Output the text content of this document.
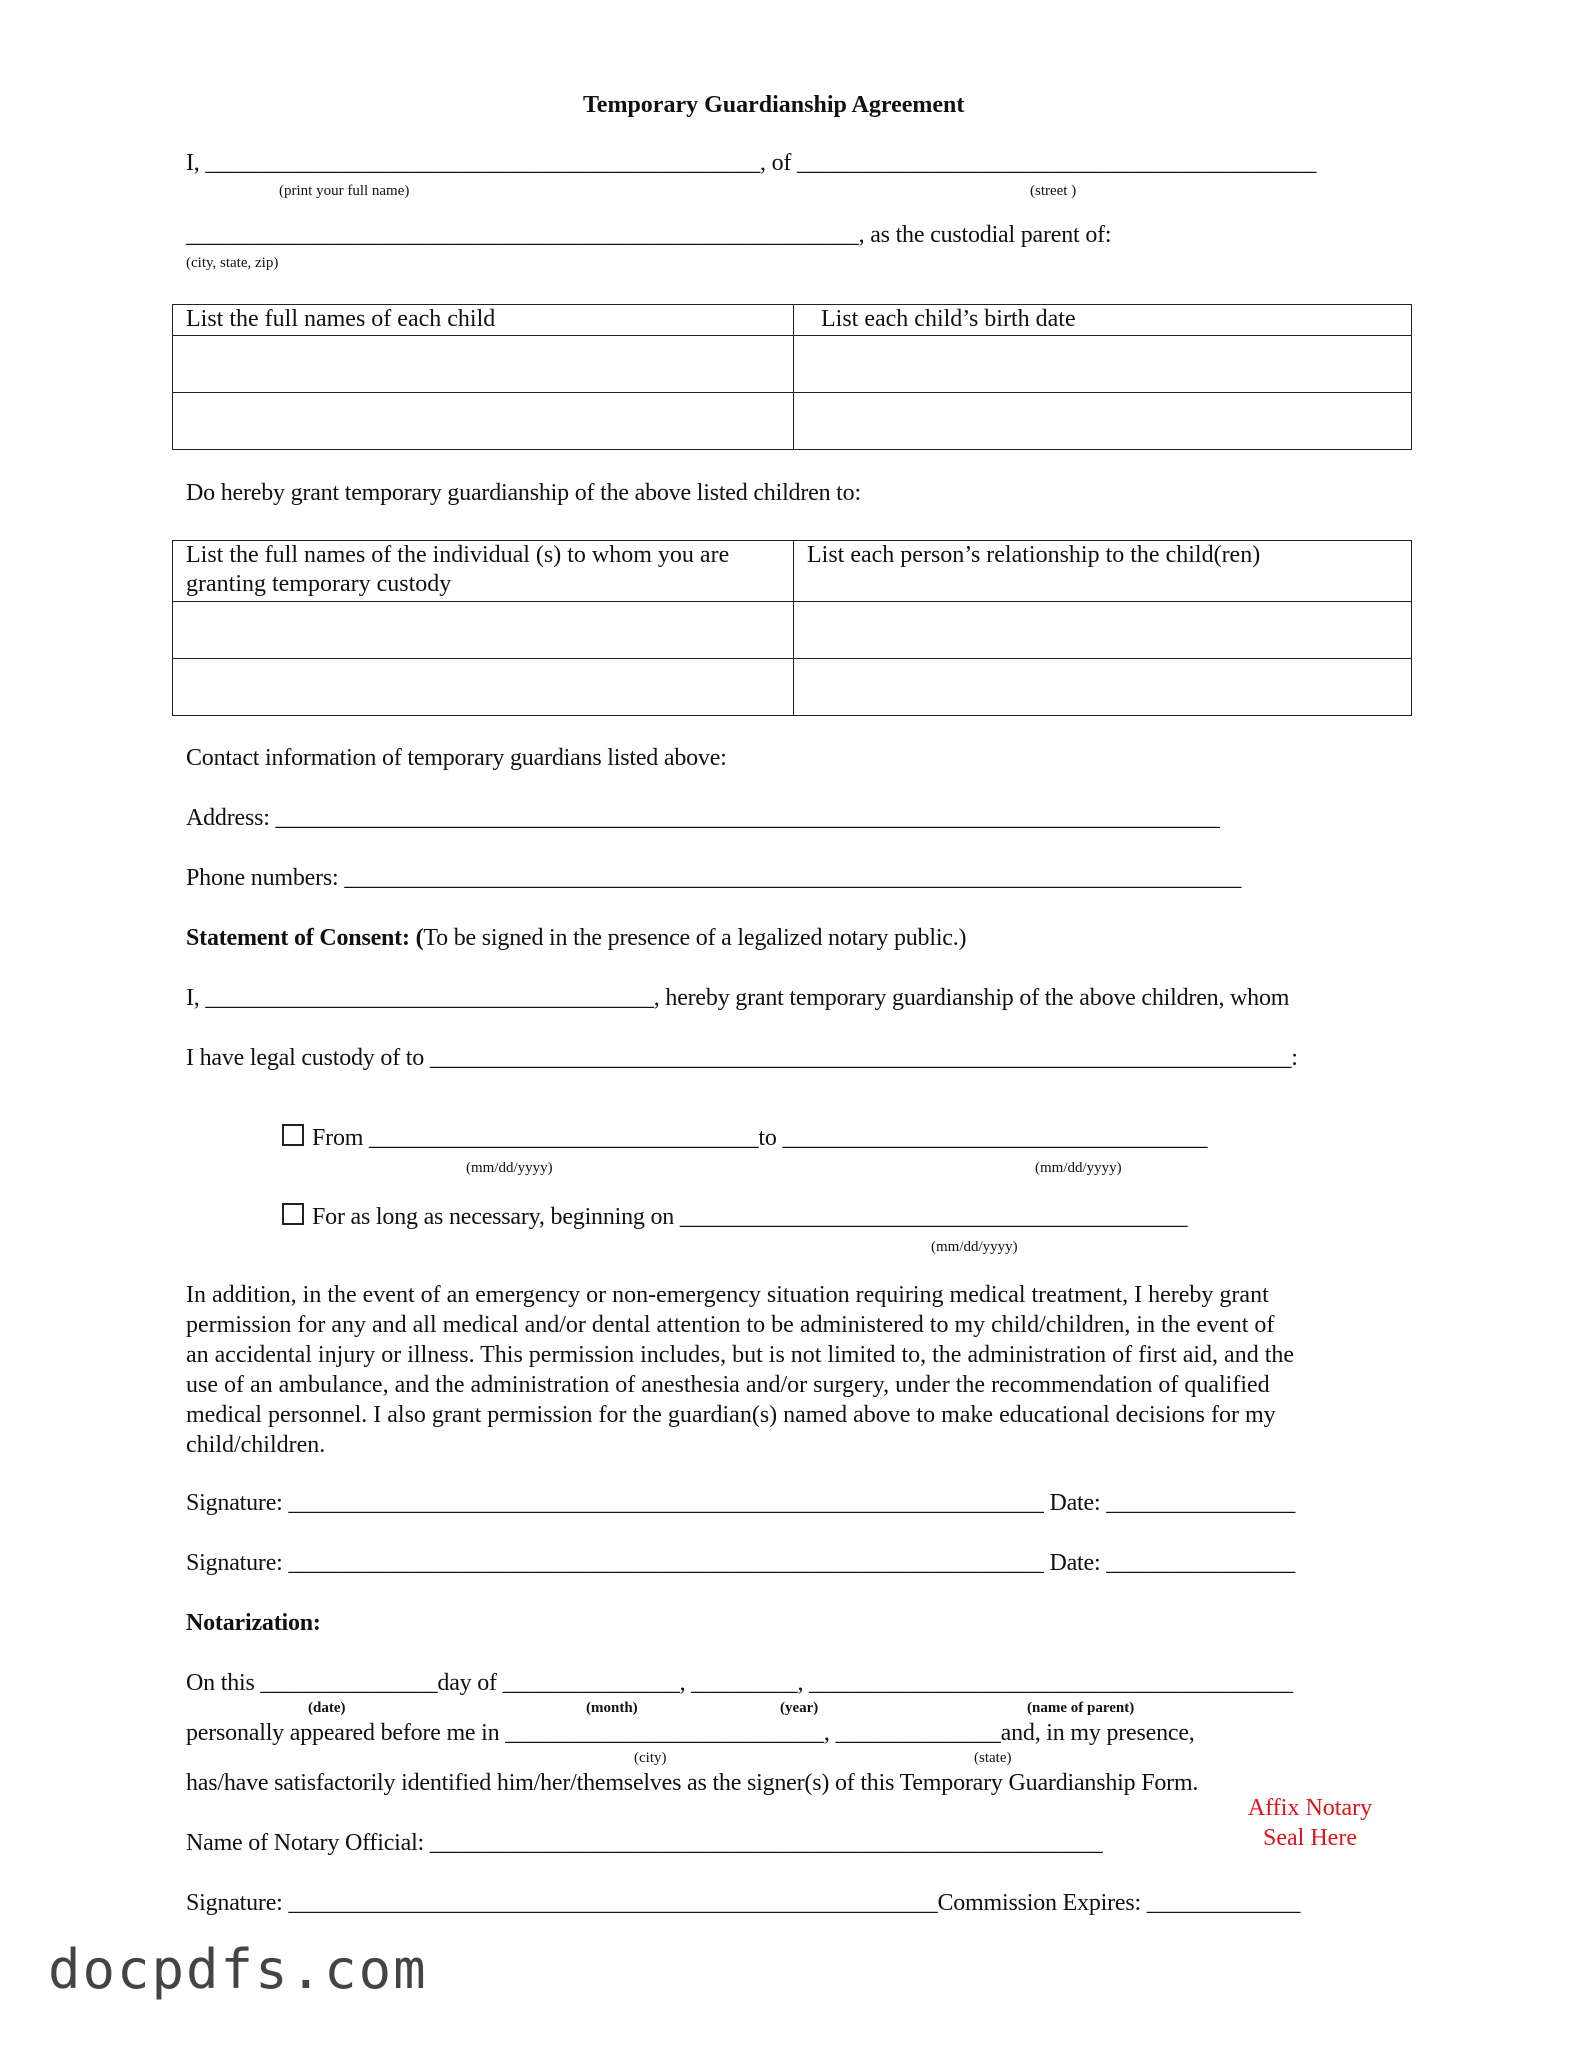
Temporary Guardianship Agreement
I, _______________________________________________, of ____________________________________________
(print your full name)	(street )
_________________________________________________________, as the custodial parent of:
(city, state, zip)
List the full names of each child	List each child’s birth date

Do hereby grant temporary guardianship of the above listed children to:
List the full names of the individual (s) to whom you are
granting temporary custody	List each person’s relationship to the child(ren)

Contact information of temporary guardians listed above:
Address: ________________________________________________________________________________
Phone numbers: ____________________________________________________________________________
Statement of Consent: (To be signed in the presence of a legalized notary public.)
I, ______________________________________, hereby grant temporary guardianship of the above children, whom
I have legal custody of to _________________________________________________________________________:
From _________________________________to ____________________________________
(mm/dd/yyyy)	(mm/dd/yyyy)
For as long as necessary, beginning on ___________________________________________
(mm/dd/yyyy)
In addition, in the event of an emergency or non-emergency situation requiring medical treatment, I hereby grant
permission for any and all medical and/or dental attention to be administered to my child/children, in the event of
an accidental injury or illness. This permission includes, but is not limited to, the administration of first aid, and the
use of an ambulance, and the administration of anesthesia and/or surgery, under the recommendation of qualified
medical personnel. I also grant permission for the guardian(s) named above to make educational decisions for my
child/children.
Signature: ________________________________________________________________ Date: ________________
Signature: ________________________________________________________________ Date: ________________
Notarization:
On this _______________day of _______________, _________, _________________________________________
(date)	(month)	(year)	(name of parent)
personally appeared before me in ___________________________, ______________and, in my presence,
(city)	(state)
has/have satisfactorily identified him/her/themselves as the signer(s) of this Temporary Guardianship Form.
Affix Notary
Seal Here
Name of Notary Official: _________________________________________________________
Signature: _______________________________________________________Commission Expires: _____________
docpdfs.com
